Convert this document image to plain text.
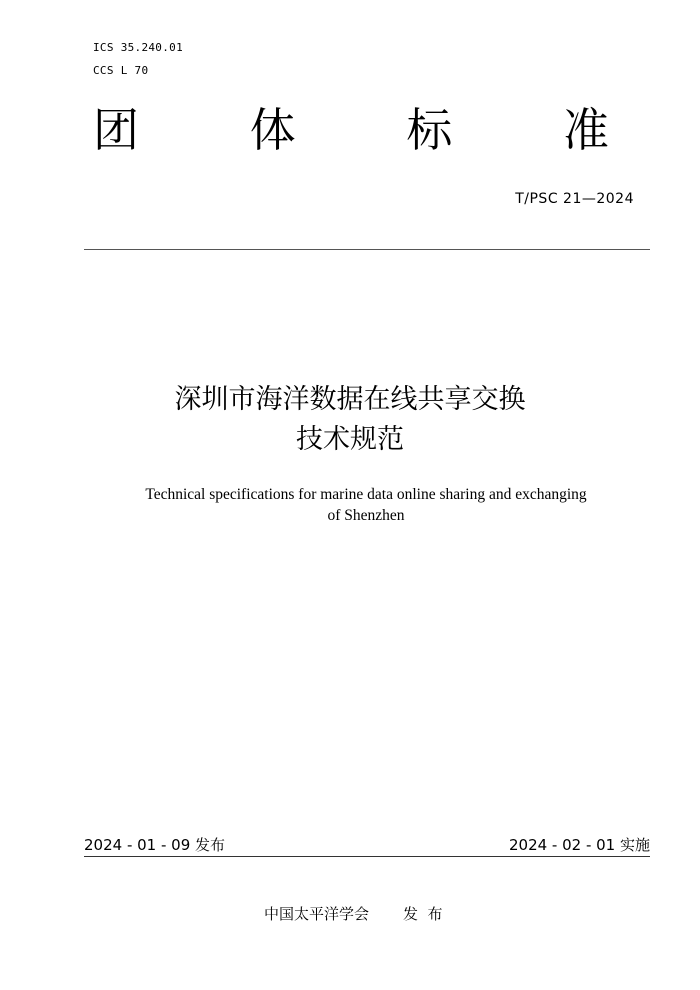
ICS 35.240.01
CCS L 70
团 体 标 准
T/PSC 21—2024
深圳市海洋数据在线共享交换
技术规范
Technical specifications for marine data online sharing and exchanging
of Shenzhen
2024 - 01 - 09 发布	2024 - 02 - 01 实施
中国太平洋学会 发  布
